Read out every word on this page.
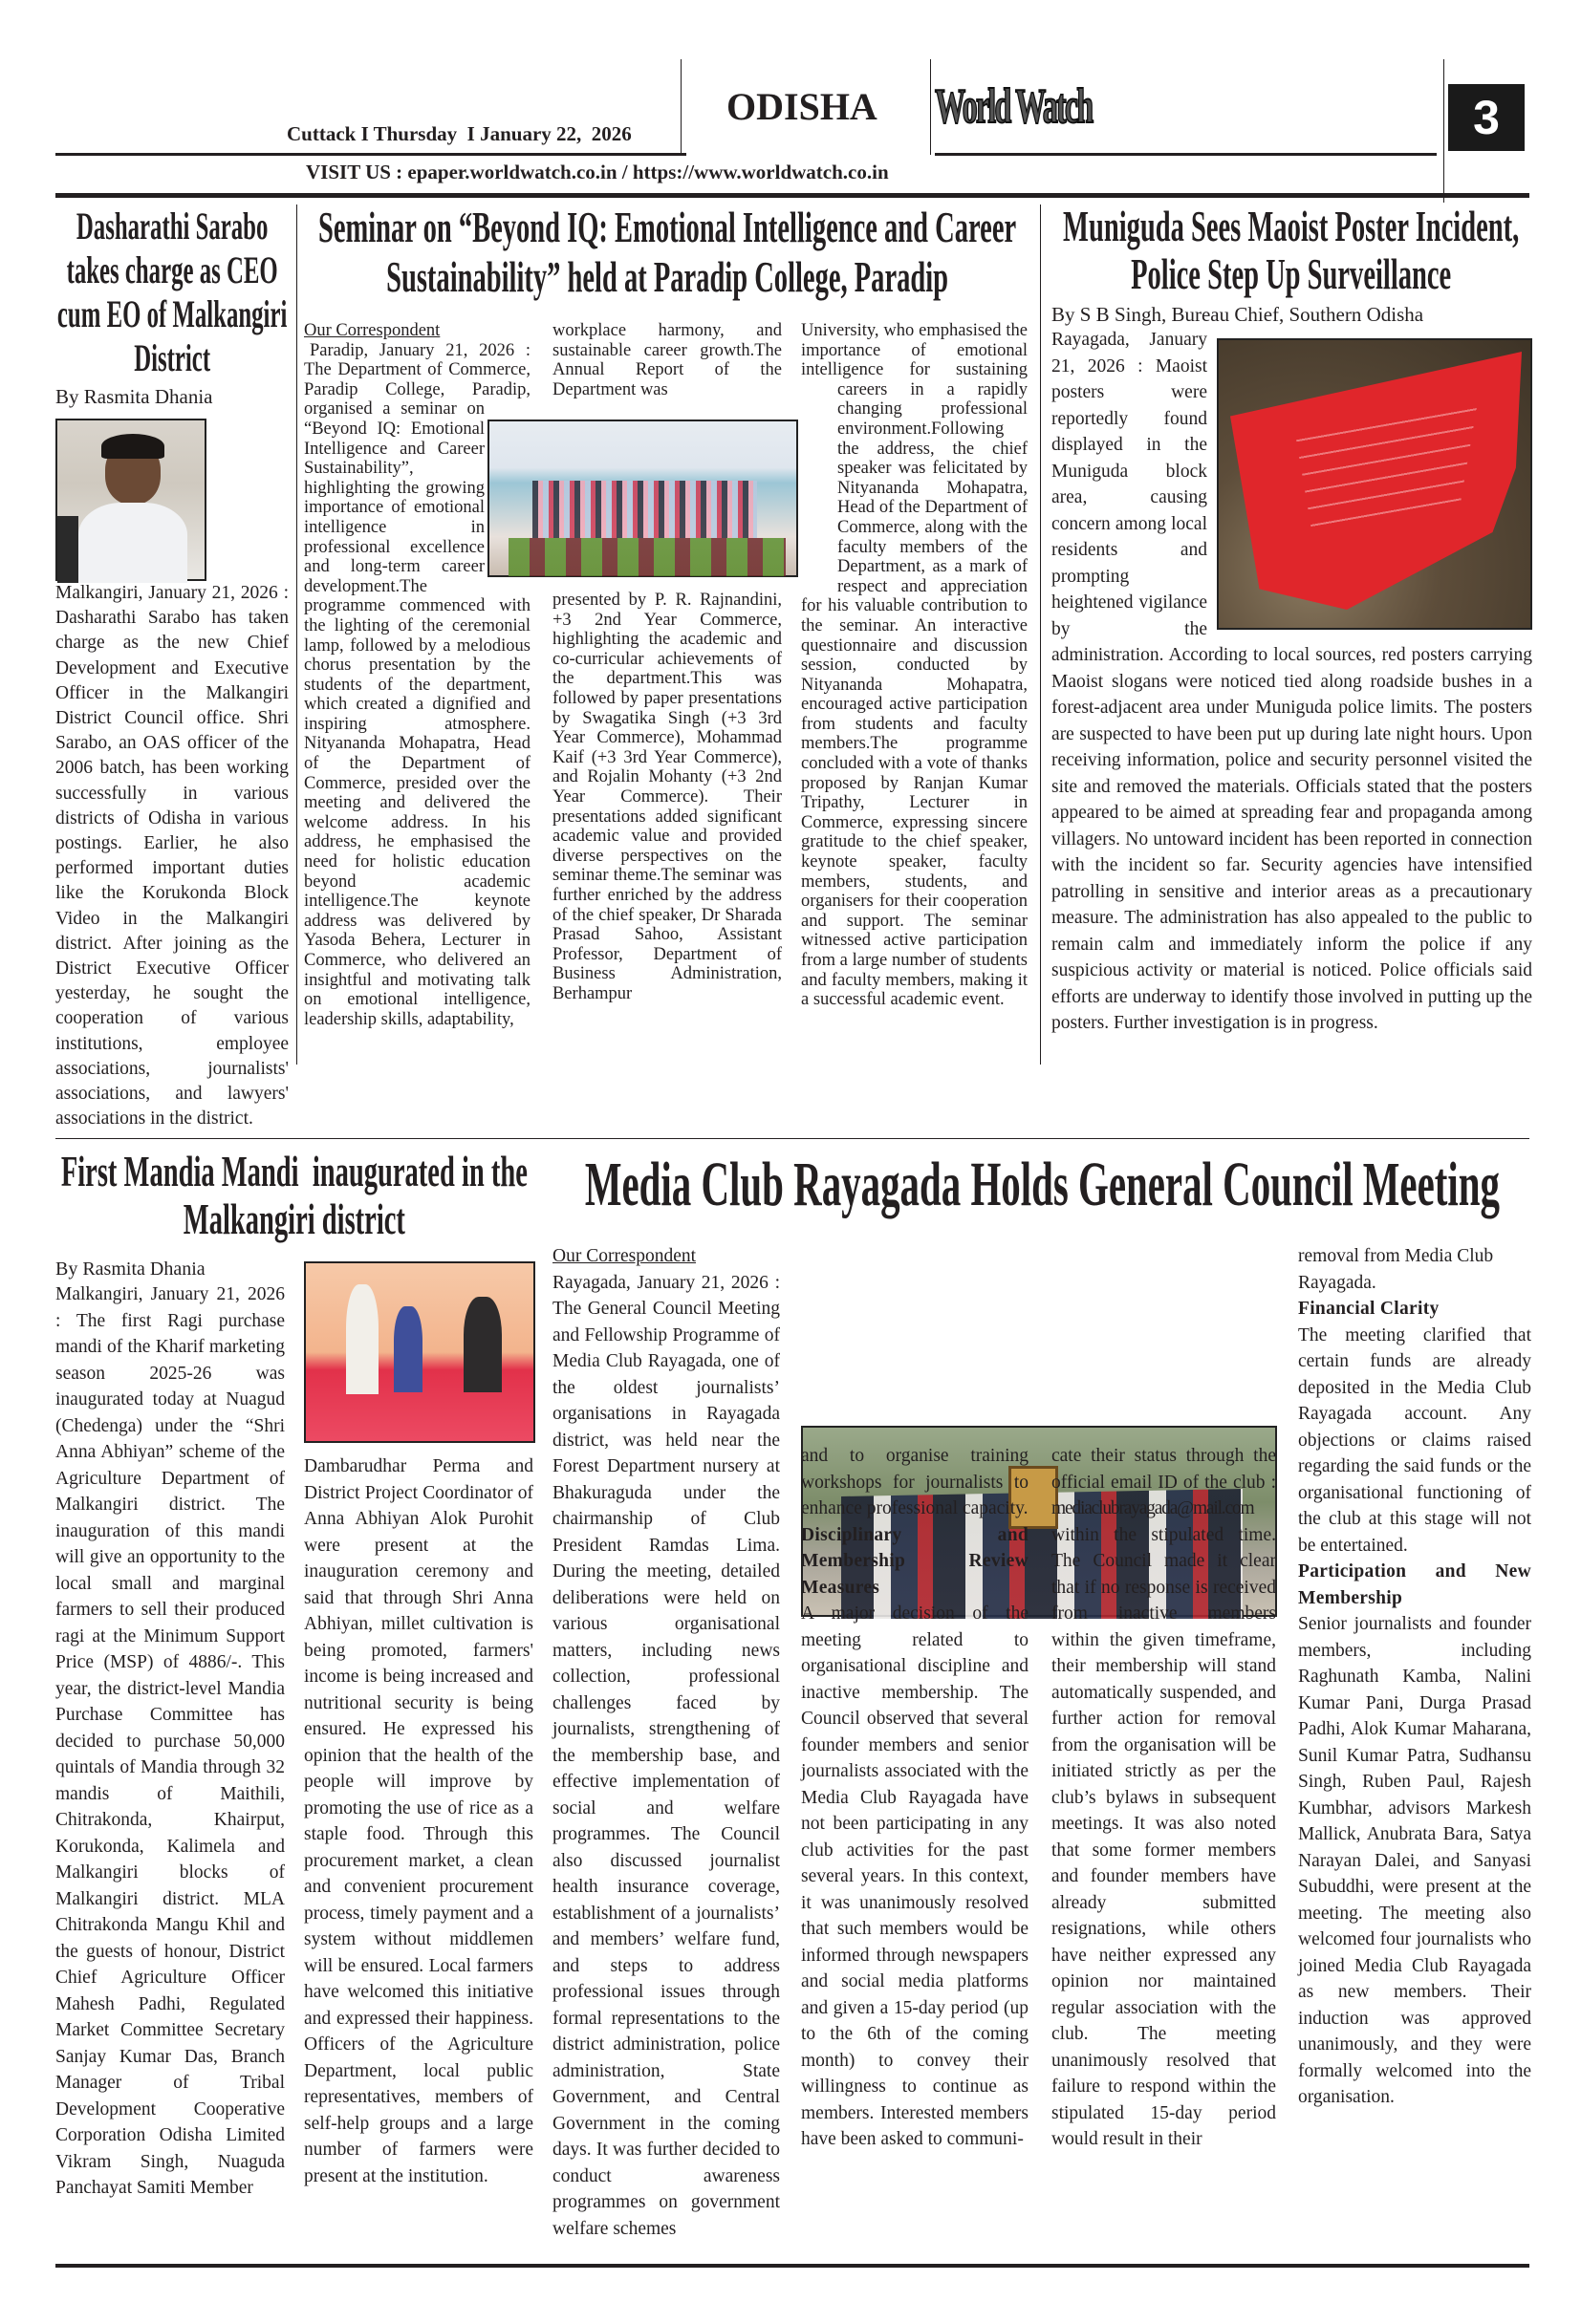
Cuttack I Thursday  I January 22,  2026
ODISHA World Watch	3
VISIT US : epaper.worldwatch.co.in / https://www.worldwatch.co.in
Dasharathi Sarabo takes charge as CEO cum EO of Malkangiri District
By Rasmita Dhania
Malkangiri, January 21, 2026 : Dasharathi Sarabo has taken charge as the new Chief Development and Executive Officer in the Malkangiri District Council office. Shri Sarabo, an OAS officer of the 2006 batch, has been working successfully in various districts of Odisha in various postings. Earlier, he also performed important duties like the Korukonda Block Video in the Malkangiri district. After joining as the District Executive Officer yesterday, he sought the cooperation of various institutions, employee associations, journalists' associations, and lawyers' associations in the district.
Seminar on “Beyond IQ: Emotional Intelligence and Career Sustainability” held at Paradip College, Paradip
Our Correspondent
Paradip, January 21, 2026 : The Department of Commerce, Paradip College, Paradip, organised a seminar on “Beyond IQ: Emotional Intelligence and Career Sustainability”, highlighting the growing importance of emotional intelligence in professional excellence and long-term career development.The programme commenced with the lighting of the ceremonial lamp, followed by a melodious chorus presentation by the students of the department, which created a dignified and inspiring atmosphere. Nityananda Mohapatra, Head of the Department of Commerce, presided over the meeting and delivered the welcome address. In his address, he emphasised the need for holistic education beyond academic intelligence.The keynote address was delivered by Yasoda Behera, Lecturer in Commerce, who delivered an insightful and motivating talk on emotional intelligence, leadership skills, adaptability,
workplace harmony, and sustainable career growth.The Annual Report of the Department was
presented by P. R. Rajnandini, +3 2nd Year Commerce, highlighting the academic and co-curricular achievements of the department.This was followed by paper presentations by Swagatika Singh (+3 3rd Year Commerce), Mohammad Kaif (+3 3rd Year Commerce), and Rojalin Mohanty (+3 2nd Year Commerce). Their presentations added significant academic value and provided diverse perspectives on the seminar theme.The seminar was further enriched by the address of the chief speaker, Dr Sharada Prasad Sahoo, Assistant Professor, Department of Business Administration, Berhampur
University, who emphasised the importance of emotional intelligence for sustaining careers in a rapidly changing professional environment.Following the address, the chief speaker was felicitated by Nityananda Mohapatra, Head of the Department of Commerce, along with the faculty members of the Department, as a mark of respect and appreciation for his valuable contribution to the seminar. An interactive questionnaire and discussion session, conducted by Nityananda Mohapatra, encouraged active participation from students and faculty members.The programme concluded with a vote of thanks proposed by Ranjan Kumar Tripathy, Lecturer in Commerce, expressing sincere gratitude to the chief speaker, keynote speaker, faculty members, students, and organisers for their cooperation and support. The seminar witnessed active participation from a large number of students and faculty members, making it a successful academic event.
Muniguda Sees Maoist Poster Incident, Police Step Up Surveillance
By S B Singh, Bureau Chief, Southern Odisha
Rayagada, January 21, 2026 : Maoist posters were reportedly found displayed in the Muniguda block area, causing concern among local residents and prompting heightened vigilance by the administration. According to local sources, red posters carrying Maoist slogans were noticed tied along roadside bushes in a forest-adjacent area under Muniguda police limits. The posters are suspected to have been put up during late night hours. Upon receiving information, police and security personnel visited the site and removed the materials. Officials stated that the posters appeared to be aimed at spreading fear and propaganda among villagers. No untoward incident has been reported in connection with the incident so far. Security agencies have intensified patrolling in sensitive and interior areas as a precautionary measure. The administration has also appealed to the public to remain calm and immediately inform the police if any suspicious activity or material is noticed. Police officials said efforts are underway to identify those involved in putting up the posters. Further investigation is in progress.
First Mandia Mandi  inaugurated in the Malkangiri district
By Rasmita Dhania
Malkangiri, January 21, 2026 : The first Ragi purchase mandi of the Kharif marketing season 2025-26 was inaugurated today at Nuagud (Chedenga) under the “Shri Anna Abhiyan” scheme of the Agriculture Department of Malkangiri district. The inauguration of this mandi will give an opportunity to the local small and marginal farmers to sell their produced ragi at the Minimum Support Price (MSP) of 4886/-. This year, the district-level Mandia Purchase Committee has decided to purchase 50,000 quintals of Mandia through 32 mandis of Maithili, Chitrakonda, Khairput, Korukonda, Kalimela and Malkangiri blocks of Malkangiri district. MLA Chitrakonda Mangu Khil and the guests of honour, District Chief Agriculture Officer Mahesh Padhi, Regulated Market Committee Secretary Sanjay Kumar Das, Branch Manager of Tribal Development Cooperative Corporation Odisha Limited Vikram Singh, Nuaguda Panchayat Samiti Member
Dambarudhar Perma and District Project Coordinator of Anna Abhiyan Alok Purohit were present at the inauguration ceremony and said that through Shri Anna Abhiyan, millet cultivation is being promoted, farmers' income is being increased and nutritional security is being ensured. He expressed his opinion that the health of the people will improve by promoting the use of rice as a staple food. Through this procurement market, a clean and convenient procurement process, timely payment and a system without middlemen will be ensured. Local farmers have welcomed this initiative and expressed their happiness. Officers of the Agriculture Department, local public representatives, members of self-help groups and a large number of farmers were present at the institution.
Media Club Rayagada Holds General Council Meeting
Our Correspondent
Rayagada, January 21, 2026 : The General Council Meeting and Fellowship Programme of Media Club Rayagada, one of the oldest journalists’ organisations in Rayagada district, was held near the Forest Department nursery at Bhakuraguda under the chairmanship of Club President Ramdas Lima. During the meeting, detailed deliberations were held on various organisational matters, including news collection, professional challenges faced by journalists, strengthening of the membership base, and effective implementation of social and welfare programmes. The Council also discussed journalist health insurance coverage, establishment of a journalists’ and members’ welfare fund, and steps to address professional issues through formal representations to the district administration, police administration, State Government, and Central Government in the coming days. It was further decided to conduct awareness programmes on government welfare schemes
and to organise training workshops for journalists to enhance professional capacity.
Disciplinary and Membership Review Measures
A major decision of the meeting related to organisational discipline and inactive membership. The Council observed that several founder members and senior journalists associated with the Media Club Rayagada have not been participating in any club activities for the past several years. In this context, it was unanimously resolved that such members would be informed through newspapers and social media platforms and given a 15-day period (up to the 6th of the coming month) to convey their willingness to continue as members. Interested members have been asked to communi-
cate their status through the official email ID of the club :
mediaclubrayagada@mail.com
within the stipulated time. The Council made it clear that if no response is received from inactive members within the given timeframe, their membership will stand automatically suspended, and further action for removal from the organisation will be initiated strictly as per the club’s bylaws in subsequent meetings. It was also noted that some former members and founder members have already submitted resignations, while others have neither expressed any opinion nor maintained regular association with the club. The meeting unanimously resolved that failure to respond within the stipulated 15-day period would result in their
removal from Media Club Rayagada.
Financial Clarity
The meeting clarified that certain funds are already deposited in the Media Club Rayagada account. Any objections or claims raised regarding the said funds or the organisational functioning of the club at this stage will not be entertained.
Participation and New Membership
Senior journalists and founder members, including Raghunath Kamba, Nalini Kumar Pani, Durga Prasad Padhi, Alok Kumar Maharana, Sunil Kumar Patra, Sudhansu Singh, Ruben Paul, Rajesh Kumbhar, advisors Markesh Mallick, Anubrata Bara, Satya Narayan Dalei, and Sanyasi Subuddhi, were present at the meeting. The meeting also welcomed four journalists who joined Media Club Rayagada as new members. Their induction was approved unanimously, and they were formally welcomed into the organisation.
